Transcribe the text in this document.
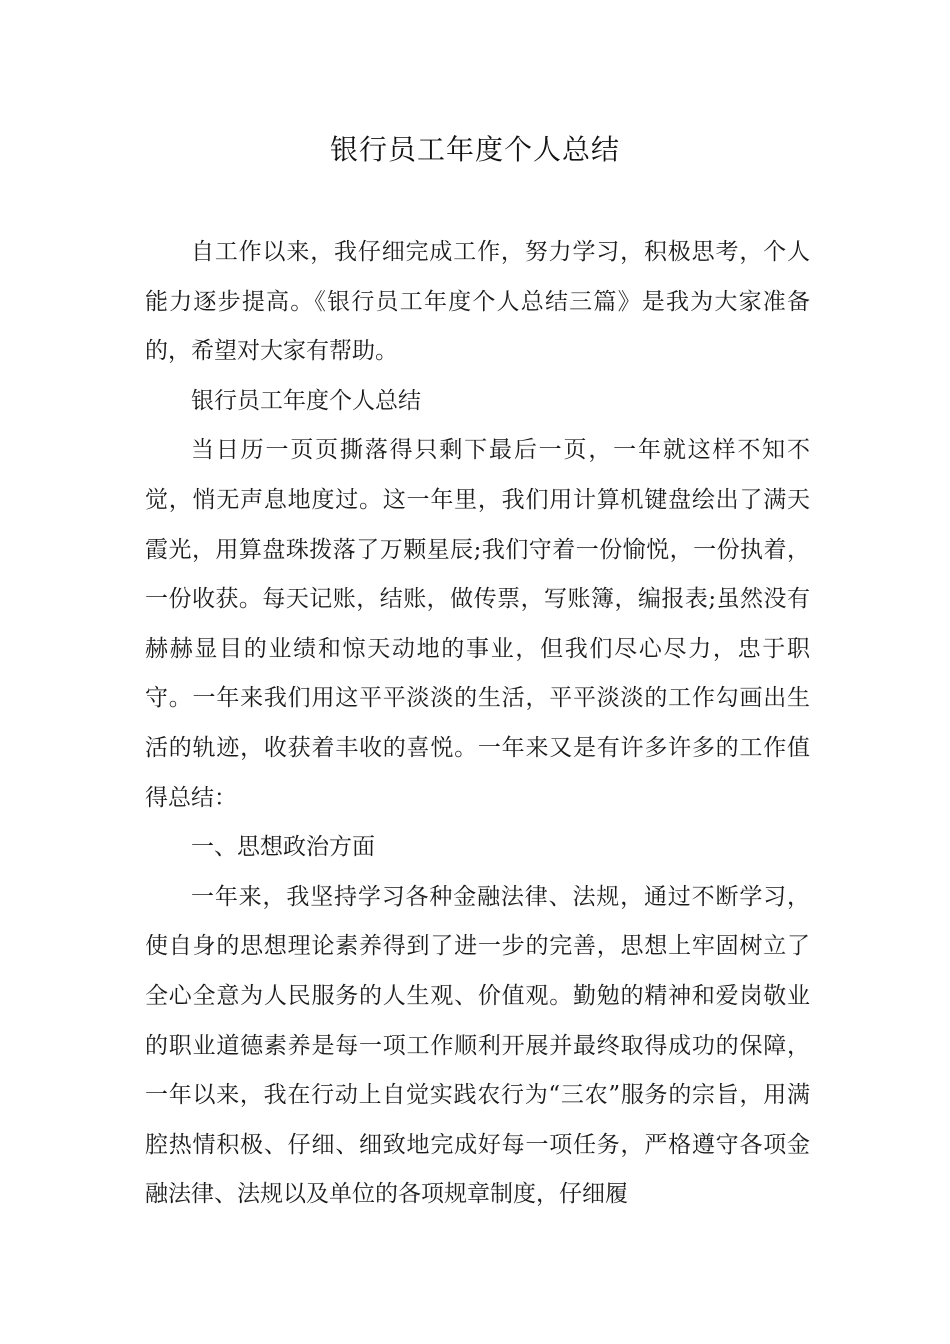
银行员工年度个人总结

自工作以来，我仔细完成工作，努力学习，积极思考，个人能力逐步提高。《银行员工年度个人总结三篇》是我为大家准备的，希望对大家有帮助。

银行员工年度个人总结

当日历一页页撕落得只剩下最后一页，一年就这样不知不觉，悄无声息地度过。这一年里，我们用计算机键盘绘出了满天霞光，用算盘珠拨落了万颗星辰;我们守着一份愉悦，一份执着，一份收获。每天记账，结账，做传票，写账簿，编报表;虽然没有赫赫显目的业绩和惊天动地的事业，但我们尽心尽力，忠于职守。一年来我们用这平平淡淡的生活，平平淡淡的工作勾画出生活的轨迹，收获着丰收的喜悦。一年来又是有许多许多的工作值得总结：

一、思想政治方面

一年来，我坚持学习各种金融法律、法规，通过不断学习，使自身的思想理论素养得到了进一步的完善，思想上牢固树立了全心全意为人民服务的人生观、价值观。勤勉的精神和爱岗敬业的职业道德素养是每一项工作顺利开展并最终取得成功的保障，一年以来，我在行动上自觉实践农行为“三农”服务的宗旨，用满腔热情积极、仔细、细致地完成好每一项任务，严格遵守各项金融法律、法规以及单位的各项规章制度，仔细履
